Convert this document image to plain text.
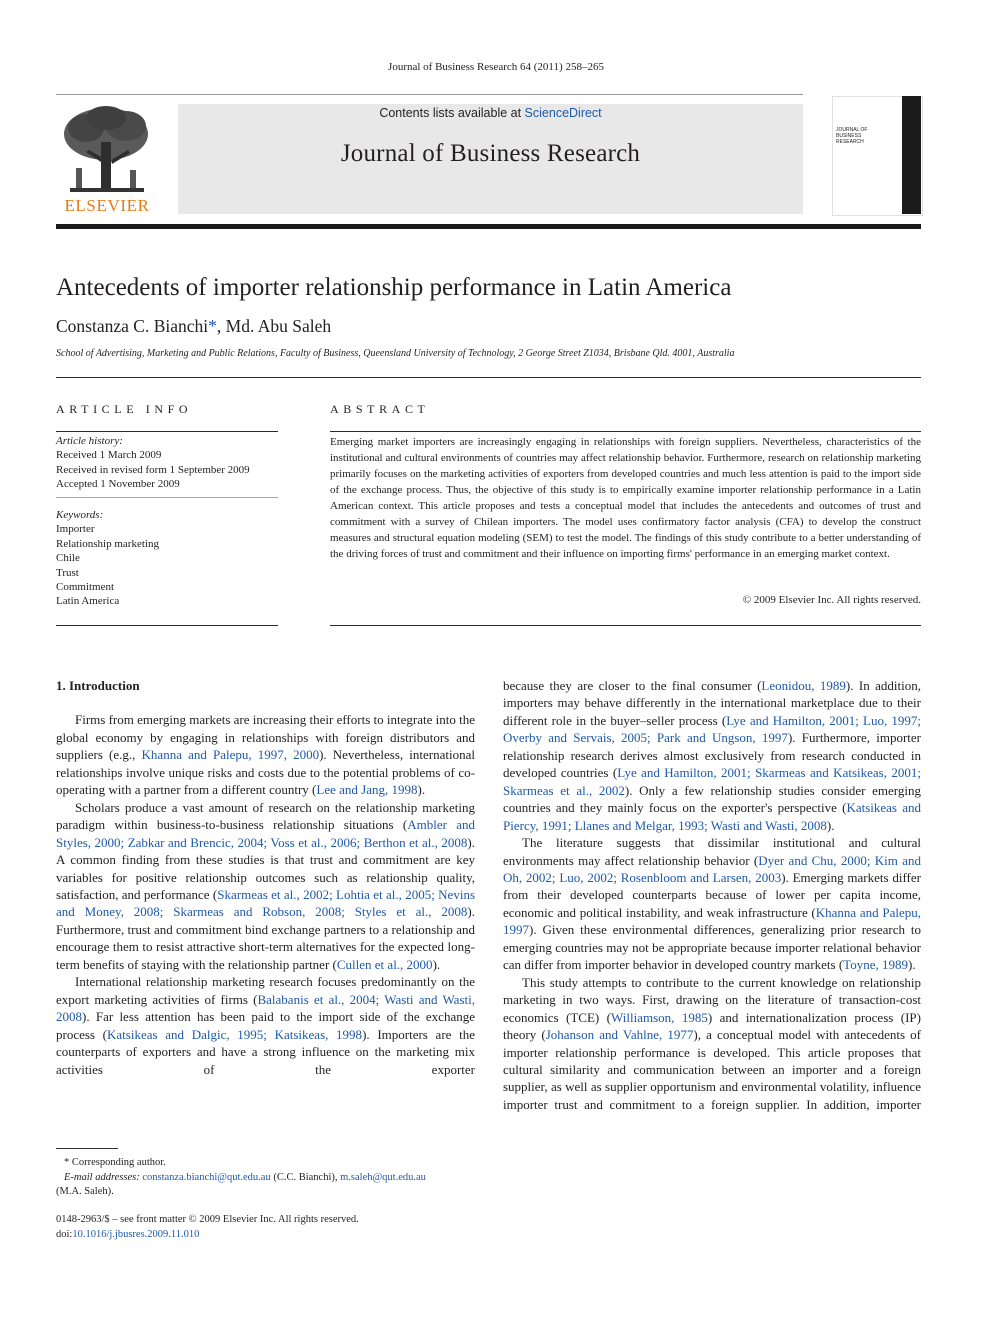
Journal of Business Research 64 (2011) 258–265
Contents lists available at ScienceDirect
Journal of Business Research
ELSEVIER
JOURNAL OF BUSINESS RESEARCH
Antecedents of importer relationship performance in Latin America
Constanza C. Bianchi*, Md. Abu Saleh
School of Advertising, Marketing and Public Relations, Faculty of Business, Queensland University of Technology, 2 George Street Z1034, Brisbane Qld. 4001, Australia
ARTICLE INFO
Article history:
Received 1 March 2009
Received in revised form 1 September 2009
Accepted 1 November 2009
Keywords:
Importer
Relationship marketing
Chile
Trust
Commitment
Latin America
ABSTRACT
Emerging market importers are increasingly engaging in relationships with foreign suppliers. Nevertheless, characteristics of the institutional and cultural environments of countries may affect relationship behavior. Furthermore, research on relationship marketing primarily focuses on the marketing activities of exporters from developed countries and much less attention is paid to the import side of the exchange process. Thus, the objective of this study is to empirically examine importer relationship performance in a Latin American context. This article proposes and tests a conceptual model that includes the antecedents and outcomes of trust and commitment with a survey of Chilean importers. The model uses confirmatory factor analysis (CFA) to develop the construct measures and structural equation modeling (SEM) to test the model. The findings of this study contribute to a better understanding of the driving forces of trust and commitment and their influence on importing firms' performance in an emerging market context.
© 2009 Elsevier Inc. All rights reserved.
1. Introduction

Firms from emerging markets are increasing their efforts to integrate into the global economy by engaging in relationships with foreign distributors and suppliers (e.g., Khanna and Palepu, 1997, 2000). Nevertheless, international relationships involve unique risks and costs due to the potential problems of co-operating with a partner from a different country (Lee and Jang, 1998).

Scholars produce a vast amount of research on the relationship marketing paradigm within business-to-business relationship situations (Ambler and Styles, 2000; Zabkar and Brencic, 2004; Voss et al., 2006; Berthon et al., 2008). A common finding from these studies is that trust and commitment are key variables for positive relationship outcomes such as relationship quality, satisfaction, and performance (Skarmeas et al., 2002; Lohtia et al., 2005; Nevins and Money, 2008; Skarmeas and Robson, 2008; Styles et al., 2008). Furthermore, trust and commitment bind exchange partners to a relationship and encourage them to resist attractive short-term alternatives for the expected long-term benefits of staying with the relationship partner (Cullen et al., 2000).

International relationship marketing research focuses predominantly on the export marketing activities of firms (Balabanis et al., 2004; Wasti and Wasti, 2008). Far less attention has been paid to the import side of the exchange process (Katsikeas and Dalgic, 1995; Katsikeas, 1998). Importers are the counterparts of exporters and have a strong influence on the marketing mix activities of the exporter

because they are closer to the final consumer (Leonidou, 1989). In addition, importers may behave differently in the international marketplace due to their different role in the buyer–seller process (Lye and Hamilton, 2001; Luo, 1997; Overby and Servais, 2005; Park and Ungson, 1997). Furthermore, importer relationship research derives almost exclusively from research conducted in developed countries (Lye and Hamilton, 2001; Skarmeas and Katsikeas, 2001; Skarmeas et al., 2002). Only a few relationship studies consider emerging countries and they mainly focus on the exporter's perspective (Katsikeas and Piercy, 1991; Llanes and Melgar, 1993; Wasti and Wasti, 2008).

The literature suggests that dissimilar institutional and cultural environments may affect relationship behavior (Dyer and Chu, 2000; Kim and Oh, 2002; Luo, 2002; Rosenbloom and Larsen, 2003). Emerging markets differ from their developed counterparts because of lower per capita income, economic and political instability, and weak infrastructure (Khanna and Palepu, 1997). Given these environmental differences, generalizing prior research to emerging countries may not be appropriate because importer relational behavior can differ from importer behavior in developed country markets (Toyne, 1989).

This study attempts to contribute to the current knowledge on relationship marketing in two ways. First, drawing on the literature of transaction-cost economics (TCE) (Williamson, 1985) and internationalization process (IP) theory (Johanson and Vahlne, 1977), a conceptual model with antecedents of importer relationship performance is developed. This article proposes that cultural similarity and communication between an importer and a foreign supplier, as well as supplier opportunism and environmental volatility, influence importer trust and commitment to a foreign supplier. In addition, importer

* Corresponding author.
E-mail addresses: constanza.bianchi@qut.edu.au (C.C. Bianchi), m.saleh@qut.edu.au
(M.A. Saleh).
0148-2963/$ – see front matter © 2009 Elsevier Inc. All rights reserved.
doi:10.1016/j.jbusres.2009.11.010
